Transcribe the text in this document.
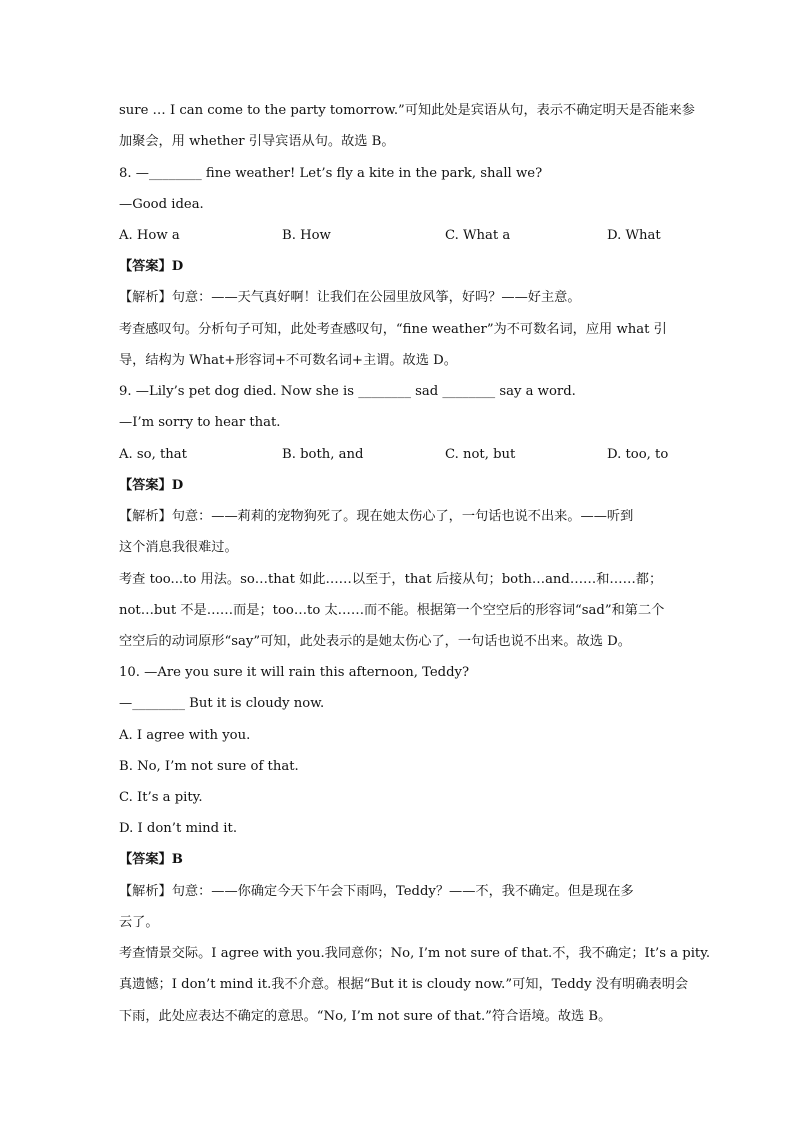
sure … I can come to the party tomorrow.”可知此处是宾语从句，表示不确定明天是否能来参
加聚会，用 whether 引导宾语从句。故选 B。
8. —________ fine weather! Let’s fly a kite in the park, shall we?
—Good idea.
A. How a	B. How	C. What a	D. What
【答案】D
【解析】句意：——天气真好啊！让我们在公园里放风筝，好吗？——好主意。
考查感叹句。分析句子可知，此处考查感叹句，“fine weather”为不可数名词，应用 what 引
导，结构为 What+形容词+不可数名词+主谓。故选 D。
9. —Lily’s pet dog died. Now she is ________ sad ________ say a word.
—I’m sorry to hear that.
A. so, that	B. both, and	C. not, but	D. too, to
【答案】D
【解析】句意：——莉莉的宠物狗死了。现在她太伤心了，一句话也说不出来。——听到
这个消息我很难过。
考查 too...to 用法。so…that 如此……以至于，that 后接从句；both…and……和……都；
not…but 不是……而是；too…to 太……而不能。根据第一个空空后的形容词“sad”和第二个
空空后的动词原形“say”可知，此处表示的是她太伤心了，一句话也说不出来。故选 D。
10. —Are you sure it will rain this afternoon, Teddy?
—________ But it is cloudy now.
A. I agree with you.
B. No, I’m not sure of that.
C. It’s a pity.
D. I don’t mind it.
【答案】B
【解析】句意：——你确定今天下午会下雨吗，Teddy？——不，我不确定。但是现在多
云了。
考查情景交际。I agree with you.我同意你；No, I’m not sure of that.不，我不确定；It’s a pity.
真遗憾；I don’t mind it.我不介意。根据“But it is cloudy now.”可知，Teddy 没有明确表明会
下雨，此处应表达不确定的意思。“No, I’m not sure of that.”符合语境。故选 B。
